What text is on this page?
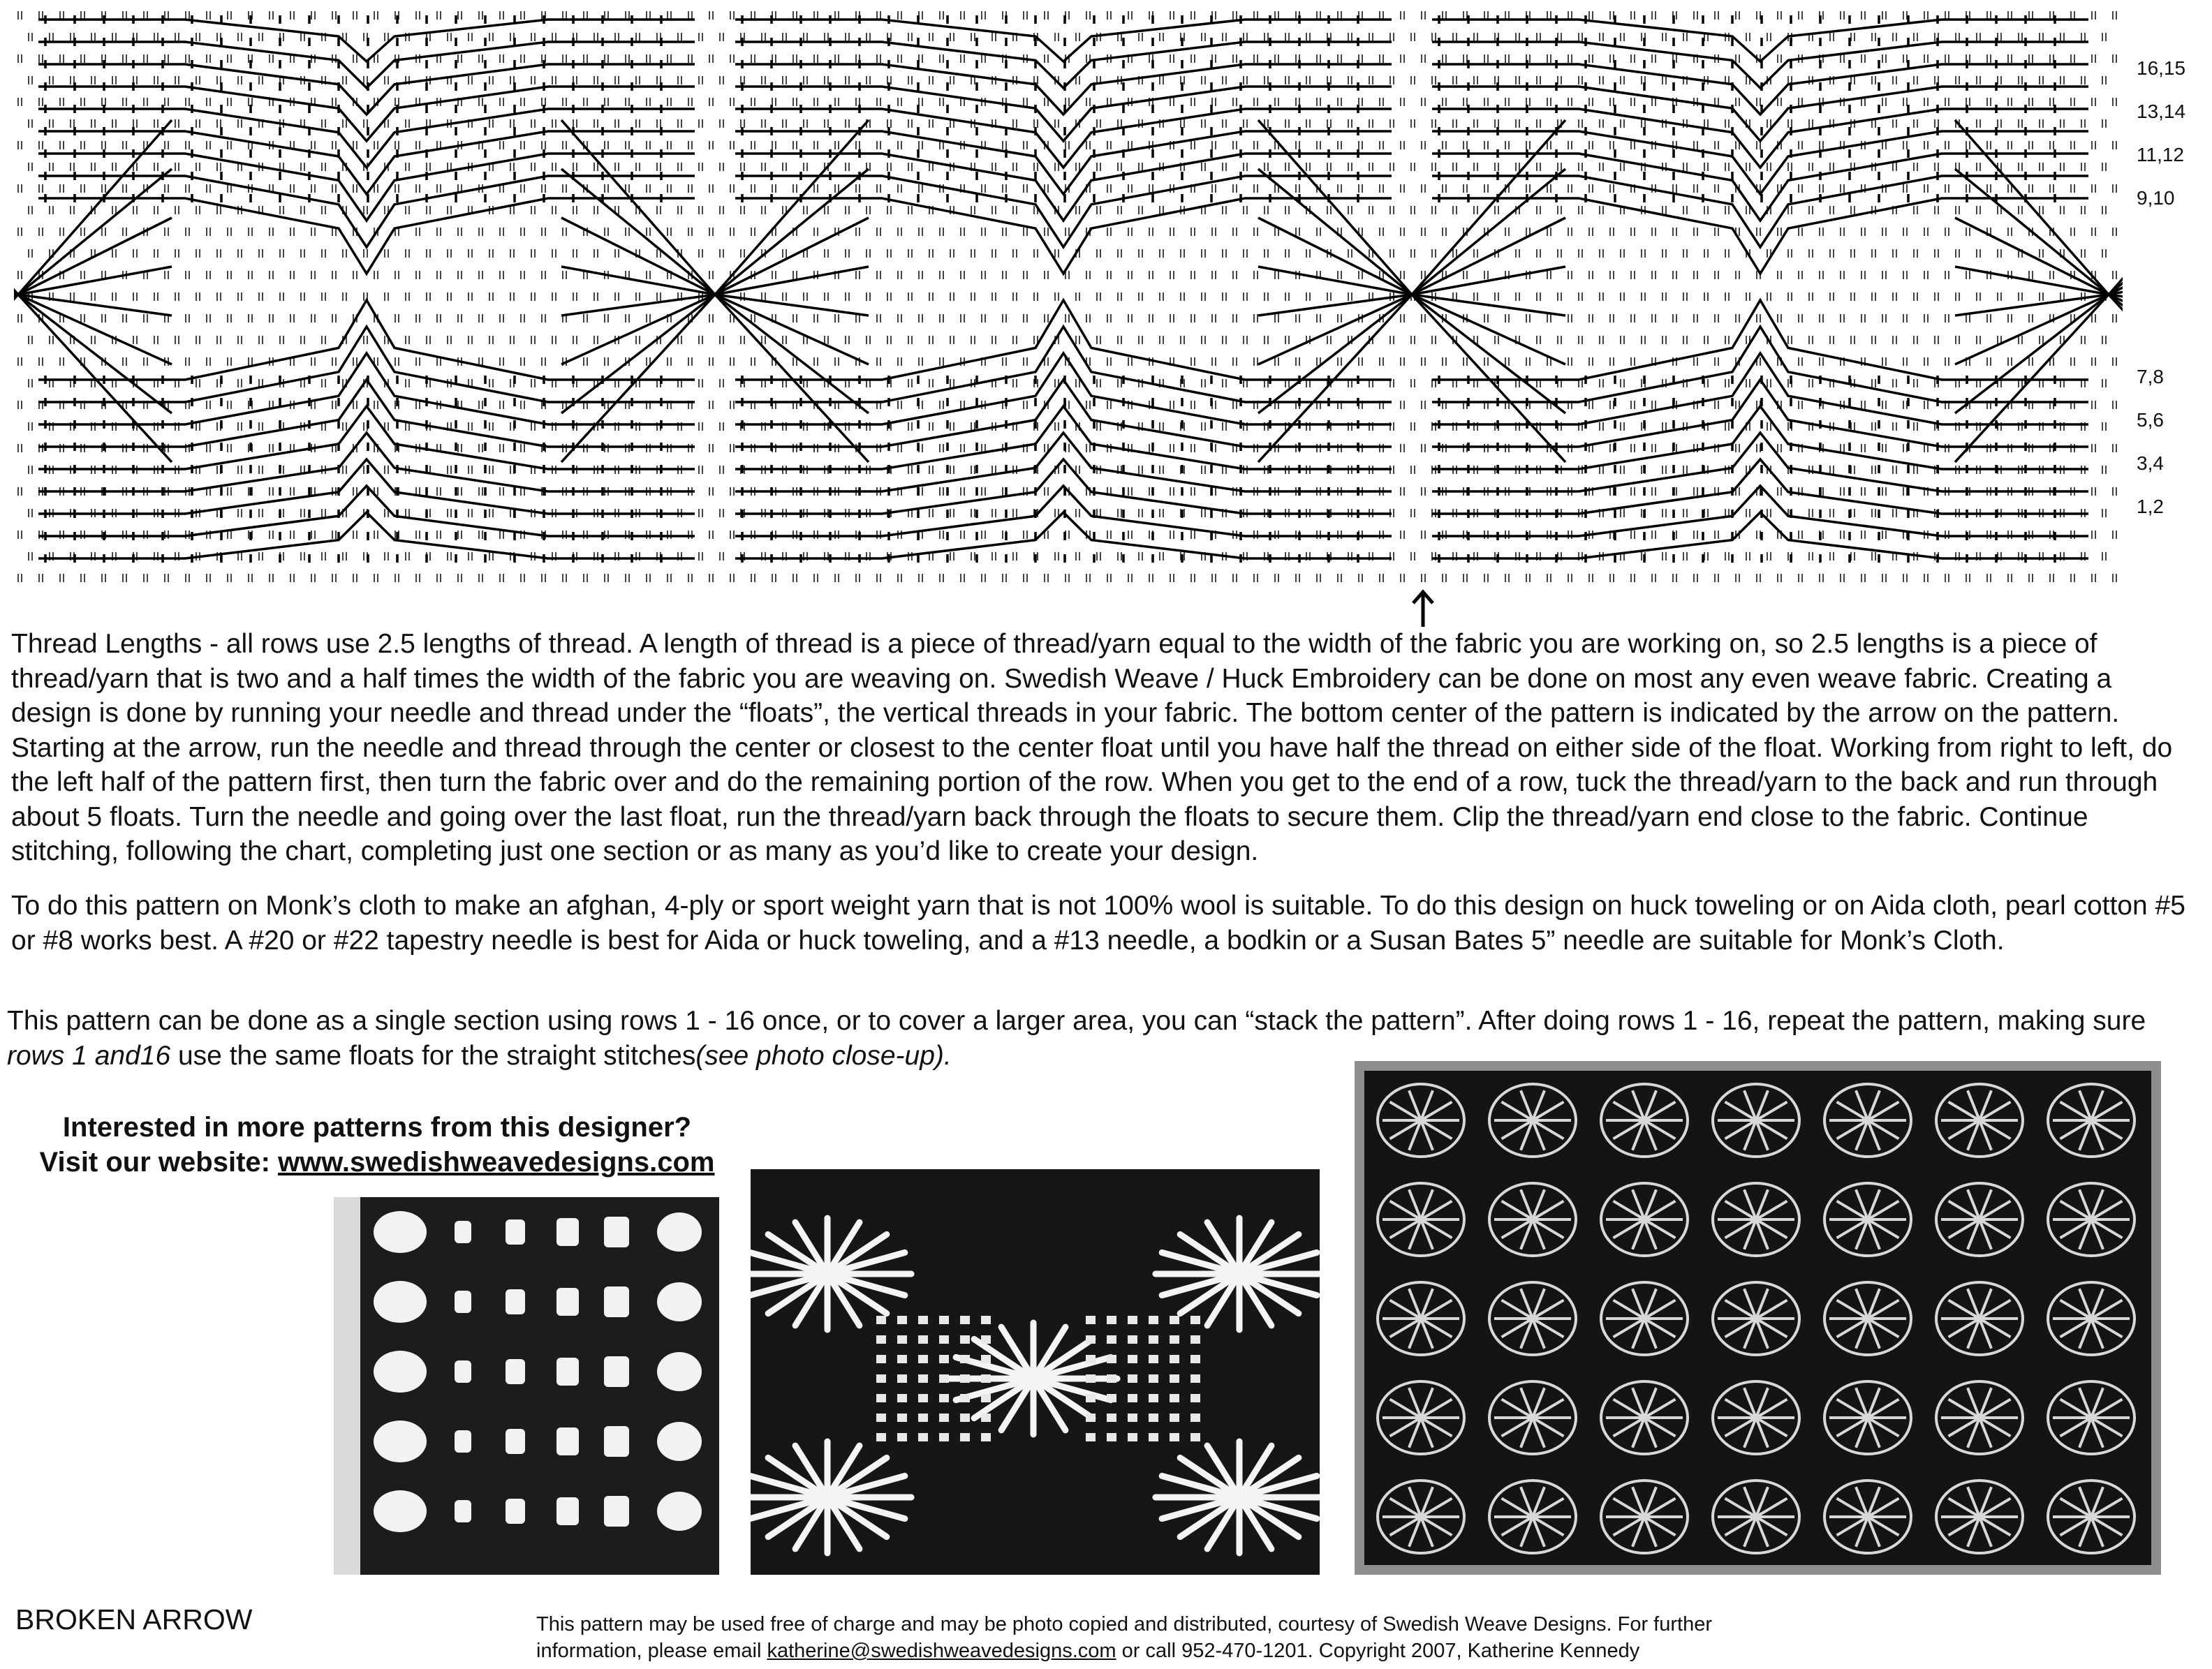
16,15
13,14
11,12
9,10
7,8
5,6
3,4
1,2

Thread Lengths - all rows use 2.5 lengths of thread. A length of thread is a piece of thread/yarn equal to the width of the fabric you are working on, so 2.5 lengths is a piece of thread/yarn that is two and a half times the width of the fabric you are weaving on. Swedish Weave / Huck Embroidery can be done on most any even weave fabric. Creating a design is done by running your needle and thread under the “floats”, the vertical threads in your fabric. The bottom center of the pattern is indicated by the arrow on the pattern. Starting at the arrow, run the needle and thread through the center or closest to the center float until you have half the thread on either side of the float. Working from right to left, do the left half of the pattern first, then turn the fabric over and do the remaining portion of the row. When you get to the end of a row, tuck the thread/yarn to the back and run through about 5 floats. Turn the needle and going over the last float, run the thread/yarn back through the floats to secure them. Clip the thread/yarn end close to the fabric. Continue stitching, following the chart, completing just one section or as many as you’d like to create your design.

To do this pattern on Monk’s cloth to make an afghan, 4-ply or sport weight yarn that is not 100% wool is suitable. To do this design on huck toweling or on Aida cloth, pearl cotton #5 or #8 works best. A #20 or #22 tapestry needle is best for Aida or huck toweling, and a #13 needle, a bodkin or a Susan Bates 5” needle are suitable for Monk’s Cloth.

This pattern can be done as a single section using rows 1 - 16 once, or to cover a larger area, you can “stack the pattern”. After doing rows 1 - 16, repeat the pattern, making sure rows 1 and16 use the same floats for the straight stitches(see photo close-up).

Interested in more patterns from this designer?
Visit our website: www.swedishweavedesigns.com
BROKEN ARROW	This pattern may be used free of charge and may be photo copied and distributed, courtesy of Swedish Weave Designs. For further
information, please email katherine@swedishweavedesigns.com or call 952-470-1201. Copyright 2007, Katherine Kennedy
